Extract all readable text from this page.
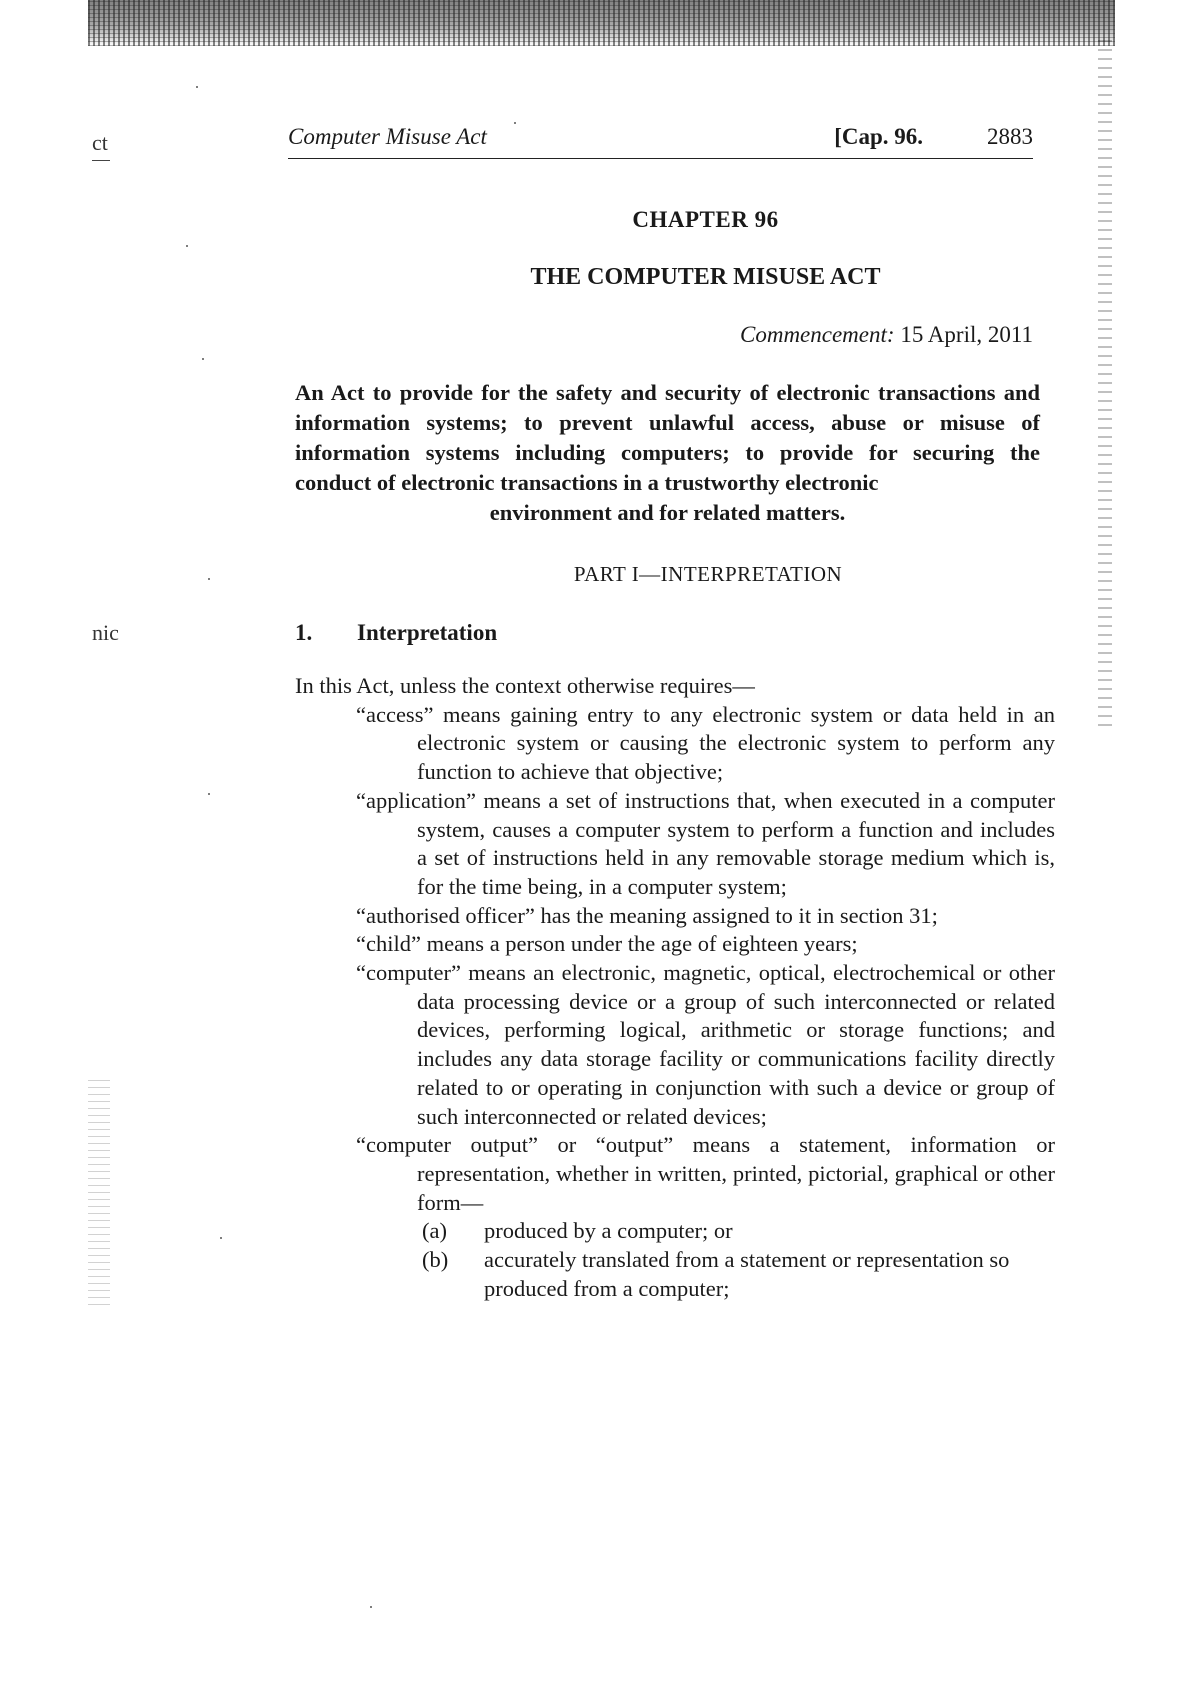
ct
nic
Computer Misuse Act	[Cap. 96.	2883
CHAPTER 96
THE COMPUTER MISUSE ACT
Commencement: 15 April, 2011
An Act to provide for the safety and security of electronic transactions and information systems; to prevent unlawful access, abuse or misuse of information systems including computers; to provide for securing the conduct of electronic transactions in a trustworthy electronic
environment and for related matters.
PART I—INTERPRETATION
1. Interpretation

In this Act, unless the context otherwise requires—

“access” means gaining entry to any electronic system or data held in an electronic system or causing the electronic system to perform any function to achieve that objective;

“application” means a set of instructions that, when executed in a computer system, causes a computer system to perform a function and includes a set of instructions held in any removable storage medium which is, for the time being, in a computer system;

“authorised officer” has the meaning assigned to it in section 31;

“child” means a person under the age of eighteen years;

“computer” means an electronic, magnetic, optical, electrochemical or other data processing device or a group of such interconnected or related devices, performing logical, arithmetic or storage functions; and includes any data storage facility or communications facility directly related to or operating in conjunction with such a device or group of such interconnected or related devices;

“computer output” or “output” means a statement, information or representation, whether in written, printed, pictorial, graphical or other form—

(a) produced by a computer; or
(b) accurately translated from a statement or representation so produced from a computer;
